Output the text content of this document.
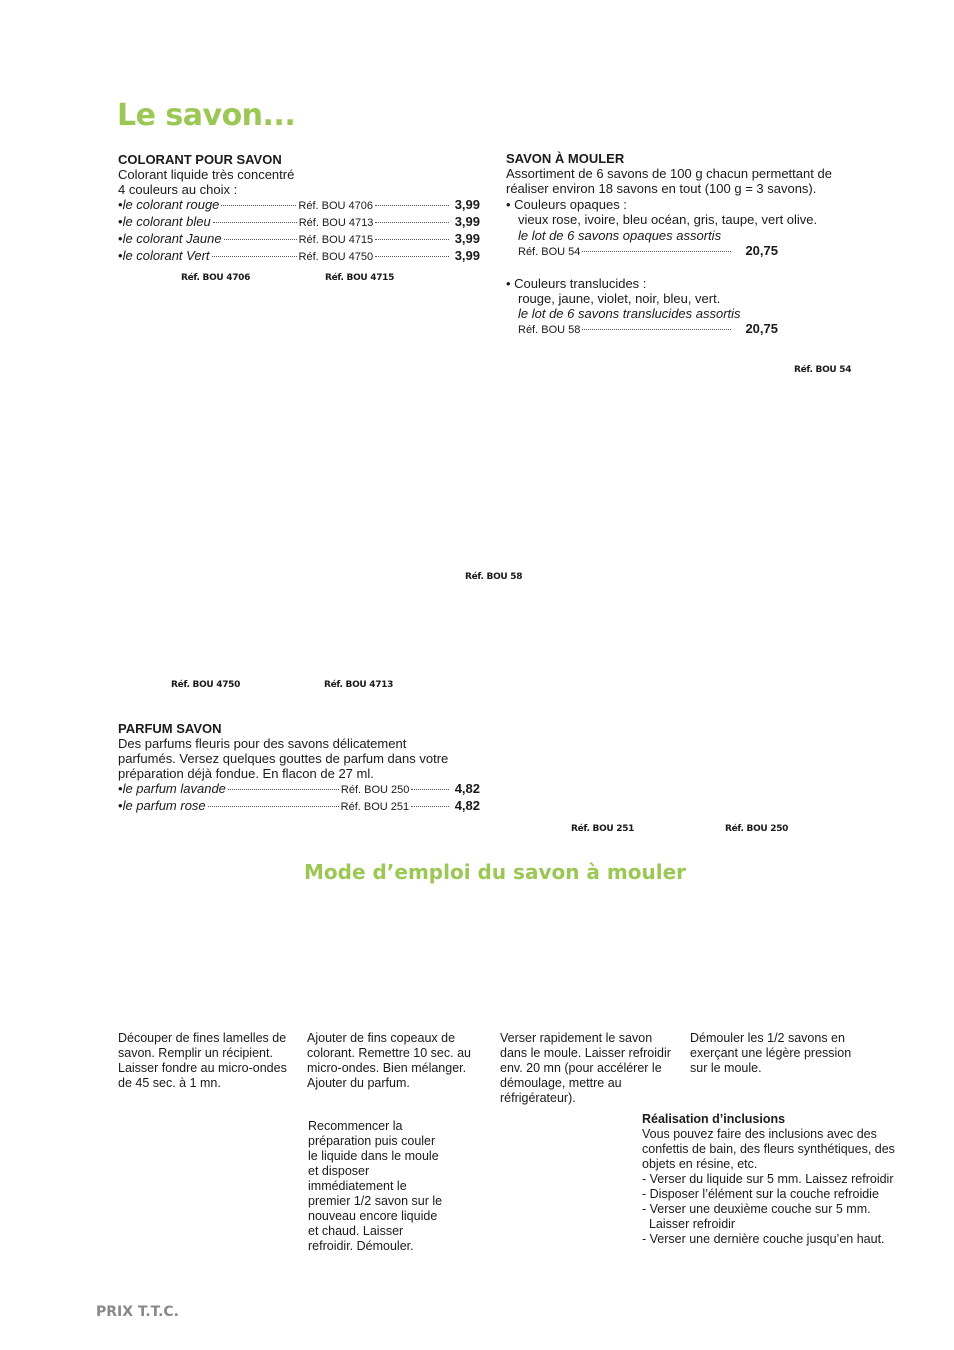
Le savon...
COLORANT POUR SAVON
Colorant liquide très concentré
4 couleurs au choix :
• le colorant rouge	Réf. BOU 4706	3,99
• le colorant bleu	Réf. BOU 4713	3,99
• le colorant Jaune	Réf. BOU 4715	3,99
• le colorant Vert	Réf. BOU 4750	3,99
SAVON À MOULER
Assortiment de 6 savons de 100 g chacun permettant de
réaliser environ 18 savons en tout (100 g = 3 savons).
• Couleurs opaques :
vieux rose, ivoire, bleu océan, gris, taupe, vert olive.
le lot de 6 savons opaques assortis
Réf. BOU 54	20,75
• Couleurs translucides :
rouge, jaune, violet, noir, bleu, vert.
le lot de 6 savons translucides assortis
Réf. BOU 58	20,75
Réf. BOU 4706	Réf. BOU 4715
Réf. BOU 54
Réf. BOU 58
Réf. BOU 4750	Réf. BOU 4713
Réf. BOU 251	Réf. BOU 250
PARFUM SAVON
Des parfums fleuris pour des savons délicatement
parfumés. Versez quelques gouttes de parfum dans votre
préparation déjà fondue. En flacon de 27 ml.
• le parfum lavande	Réf. BOU 250	4,82
• le parfum rose	Réf. BOU 251	4,82
Mode d’emploi du savon à mouler
Découper de fines lamelles de
savon. Remplir un récipient.
Laisser fondre au micro-ondes
de 45 sec. à 1 mn.
Ajouter de fins copeaux de
colorant. Remettre 10 sec. au
micro-ondes. Bien mélanger.
Ajouter du parfum.
Verser rapidement le savon
dans le moule. Laisser refroidir
env. 20 mn (pour accélérer le
démoulage, mettre au
réfrigérateur).
Démouler les 1/2 savons en
exerçant une légère pression
sur le moule.
Recommencer la
préparation puis couler
le liquide dans le moule
et disposer
immédiatement le
premier 1/2 savon sur le
nouveau encore liquide
et chaud. Laisser
refroidir. Démouler.
Réalisation d’inclusions
Vous pouvez faire des inclusions avec des
confettis de bain, des fleurs synthétiques, des
objets en résine, etc.
- Verser du liquide sur 5 mm. Laissez refroidir
- Disposer l’élément sur la couche refroidie
- Verser une deuxième couche sur 5 mm.
Laisser refroidir
- Verser une dernière couche jusqu’en haut.
PRIX T.T.C.
